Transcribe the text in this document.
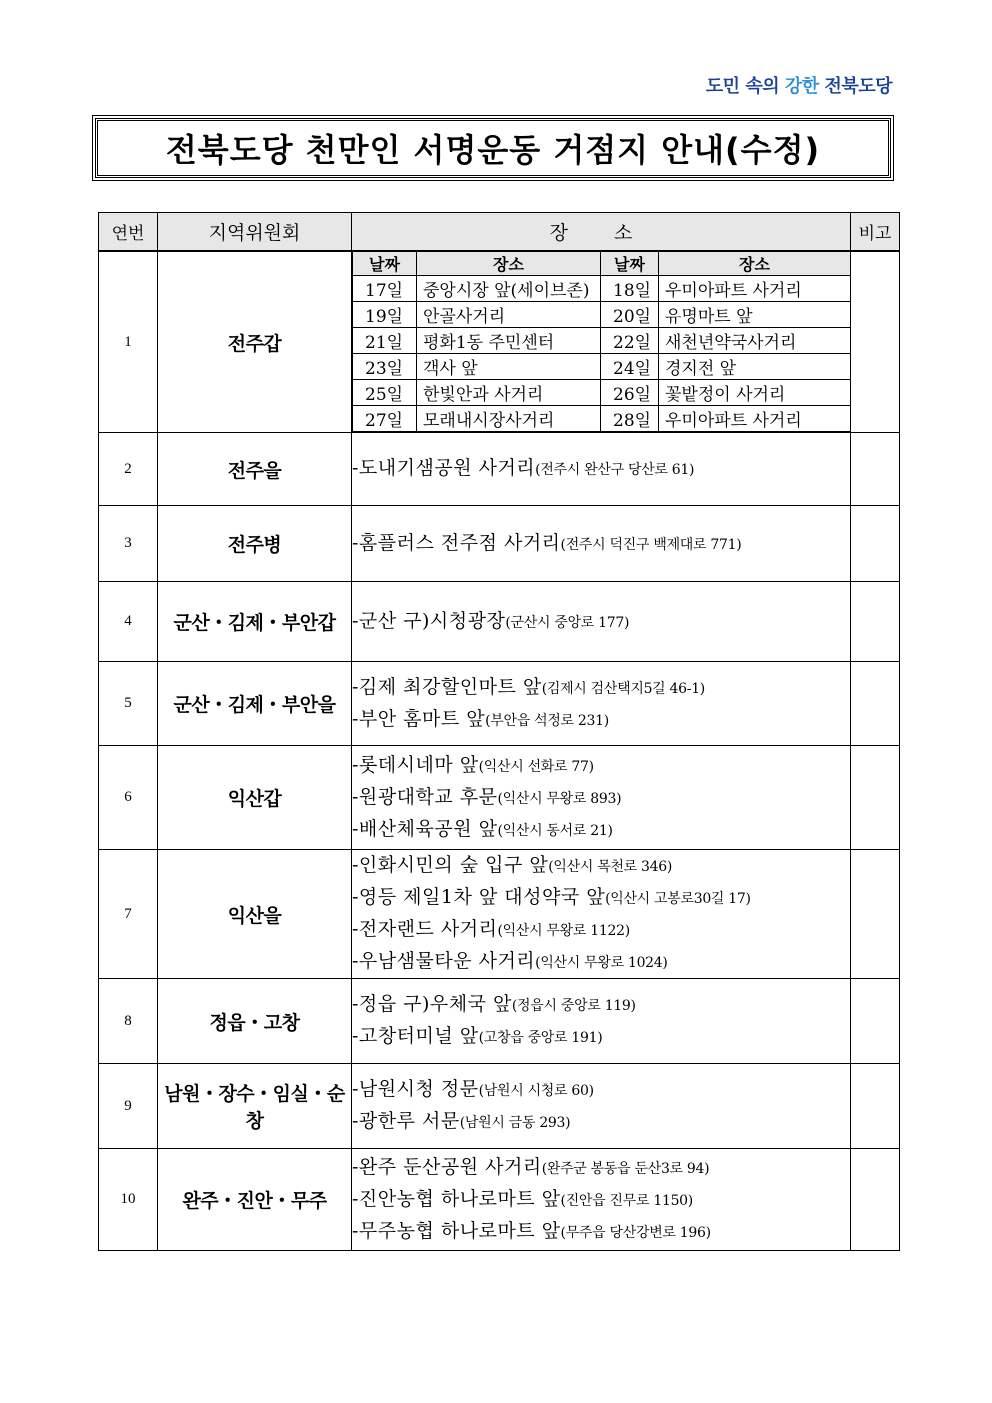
도민 속의 강한 전북도당
전북도당 천만인 서명운동 거점지 안내(수정)
연번	지역위원회	장 소	비고
1	전주갑	
날짜	장소	날짜	장소
17일	중앙시장 앞(세이브존)	18일	우미아파트 사거리
19일	안골사거리	20일	유명마트 앞
21일	평화1동 주민센터	22일	새천년약국사거리
23일	객사 앞	24일	경지전 앞
25일	한빛안과 사거리	26일	꽃밭정이 사거리
27일	모래내시장사거리	28일	우미아파트 사거리

2	전주을	-도내기샘공원 사거리(전주시 완산구 당산로 61)

3	전주병	-홈플러스 전주점 사거리(전주시 덕진구 백제대로 771)

4	군산・김제・부안갑	-군산 구)시청광장(군산시 중앙로 177)

5	군산・김제・부안을	
-김제 최강할인마트 앞(김제시 검산택지5길 46-1)
-부안 홈마트 앞(부안읍 석정로 231)

6	익산갑	
-롯데시네마 앞(익산시 선화로 77)
-원광대학교 후문(익산시 무왕로 893)
-배산체육공원 앞(익산시 동서로 21)

7	익산을	
-인화시민의 숲 입구 앞(익산시 목천로 346)
-영등 제일1차 앞 대성약국 앞(익산시 고봉로30길 17)
-전자랜드 사거리(익산시 무왕로 1122)
-우남샘물타운 사거리(익산시 무왕로 1024)

8	정읍・고창	
-정읍 구)우체국 앞(정읍시 중앙로 119)
-고창터미널 앞(고창읍 중앙로 191)

9	남원・장수・임실・순창	
-남원시청 정문(남원시 시청로 60)
-광한루 서문(남원시 금동 293)

10	완주・진안・무주	
-완주 둔산공원 사거리(완주군 봉동읍 둔산3로 94)
-진안농협 하나로마트 앞(진안읍 진무로 1150)
-무주농협 하나로마트 앞(무주읍 당산강변로 196)
